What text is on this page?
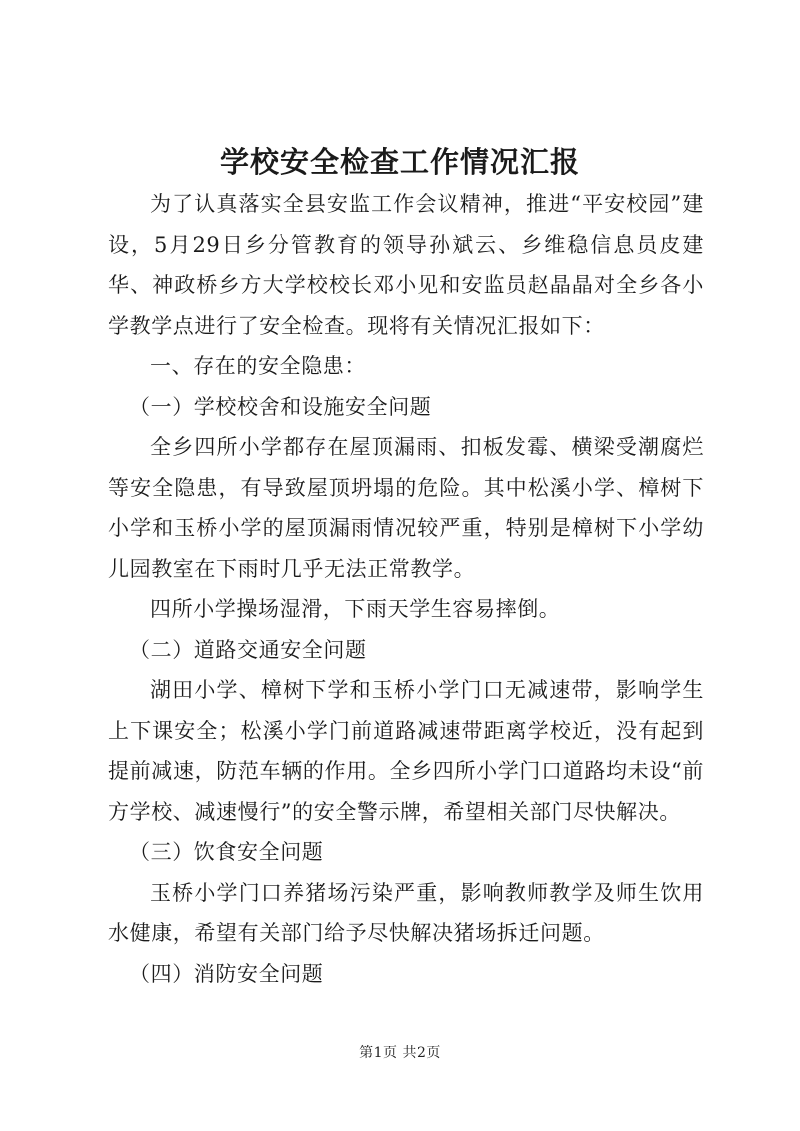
学校安全检查工作情况汇报

为了认真落实全县安监工作会议精神，推进“平安校园”建设，5月29日乡分管教育的领导孙斌云、乡维稳信息员皮建华、神政桥乡方大学校校长邓小见和安监员赵晶晶对全乡各小学教学点进行了安全检查。现将有关情况汇报如下：

一、存在的安全隐患：

（一）学校校舍和设施安全问题

全乡四所小学都存在屋顶漏雨、扣板发霉、横梁受潮腐烂等安全隐患，有导致屋顶坍塌的危险。其中松溪小学、樟树下小学和玉桥小学的屋顶漏雨情况较严重，特别是樟树下小学幼儿园教室在下雨时几乎无法正常教学。

四所小学操场湿滑，下雨天学生容易摔倒。

（二）道路交通安全问题

湖田小学、樟树下学和玉桥小学门口无减速带，影响学生上下课安全；松溪小学门前道路减速带距离学校近，没有起到提前减速，防范车辆的作用。全乡四所小学门口道路均未设“前方学校、减速慢行”的安全警示牌，希望相关部门尽快解决。

（三）饮食安全问题

玉桥小学门口养猪场污染严重，影响教师教学及师生饮用水健康，希望有关部门给予尽快解决猪场拆迁问题。

（四）消防安全问题

第1页 共2页
